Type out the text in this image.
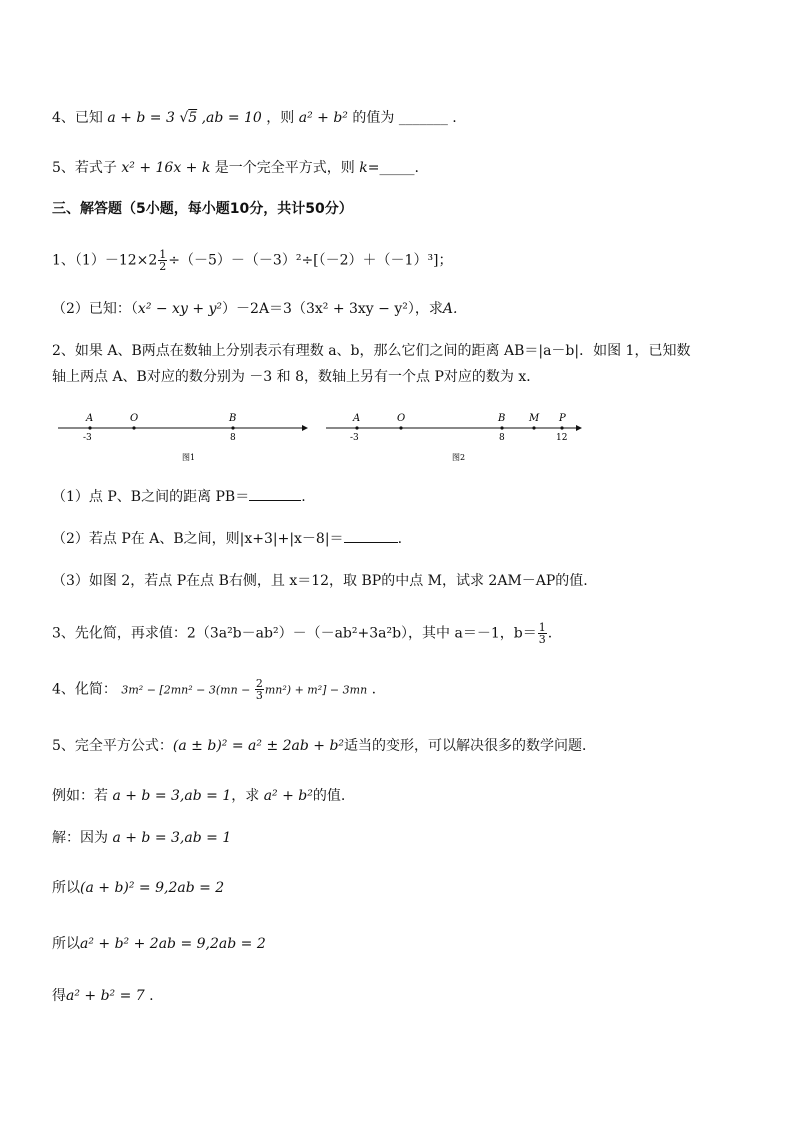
4、已知 a + b = 3 √5 ,ab = 10 ，则 a² + b² 的值为 _______ .
5、若式子 x² + 16x + k 是一个完全平方式，则 k=_____.
三、解答题（5小题，每小题10分，共计50分）
1、$(1)-12\times 2 \frac{1}{2} \div(-5)-(-3)^2\div[(-2)+(-1)^3]$；
（2）已知：（x² − xy + y²）－2A＝3（3x² + 3xy − y²），求A.
2、如果 A、B两点在数轴上分别表示有理数 a、b，那么它们之间的距离 AB＝|a－b|．如图 1，已知数
轴上两点 A、B对应的数分别为 －3 和 8，数轴上另有一个点 P对应的数为 x．
A	O	B
-3	8
图1
A	O	B M P
-3	8	12
图2
（1）点 P、B之间的距离 PB＝	.
（2）若点 P在 A、B之间，则|x+3|+|x－8|＝	.
（3）如图 2，若点 P在点 B右侧，且 x＝12，取 BP的中点 M，试求 2AM－AP的值.
3、先化简，再求值：2（3a²b－ab²）－（－ab²+3a²b），其中 a＝－1，$b= \frac{1}{3}$ .
4、化简： $3m^2 - [2mn^2 - 3(mn - \frac{2}{3} mn^2) + m^2] - 3mn$ .
5、完全平方公式：(a ± b)² = a² ± 2ab + b²适当的变形，可以解决很多的数学问题．
例如：若 a + b = 3,ab = 1，求 a² + b²的值.
解：因为 a + b = 3,ab = 1
所以(a + b)² = 9,2ab = 2
所以a² + b² + 2ab = 9,2ab = 2
得a² + b² = 7 .
